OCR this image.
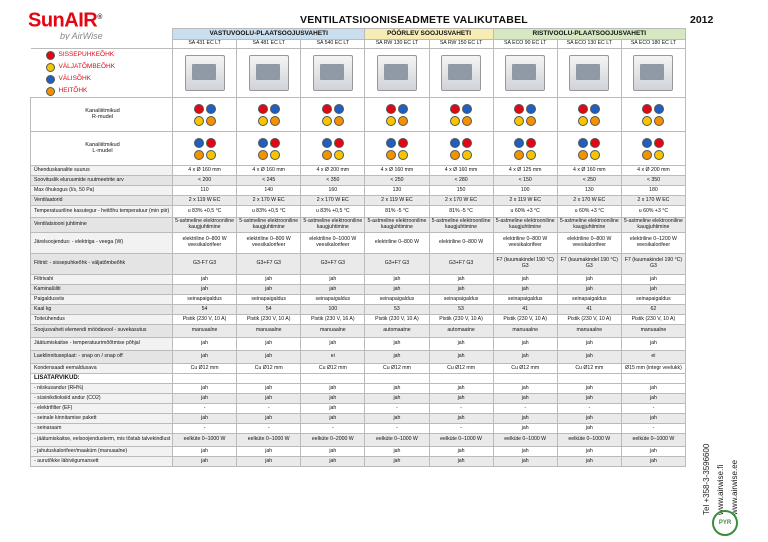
SunAIR®
by AirWise
VENTILATSIOONISEADMETE VALIKUTABEL	2012
	VASTUVOOLU-PLAATSOOJUSVAHETI			PÖÖRLEV SOOJUSVAHETI		RISTIVOOLU-PLAATSOOJUSVAHETI		
	SA 431 EC LT	SA 481 EC LT	SA 540 EC LT	SA RW 130 EC LT	SA RW 150 EC LT	SA ECO 90 EC LT	SA ECO 130 EC LT	SA ECO 180 EC LT

SISSEPUHKEÕHK
VÄLJATÕMBEÕHK
VÄLISÕHK
HEITÕHK								

Kanaliiitmikud
R-mudel								

Kanaliiitmikud
L-mudel								

Ühenduskanalite suurus	4 x Ø 160 mm	4 x Ø 160 mm	4 x Ø 200 mm	4 x Ø 160 mm	4 x Ø 160 mm	4 x Ø 125 mm	4 x Ø 160 mm	4 x Ø 200 mm
Soovituslik eluruumide ruutmeetrite arv	< 200	< 245	< 350	< 250	< 280	< 150	< 250	< 350
Max õhukogus (l/s, 50 Pa)	110	140	160	130	150	100	130	180
Ventilaatorid	2 x 119 W EC	2 x 170 W EC	2 x 170 W EC	2 x 119 W EC	2 x 170 W EC	2 x 119 W EC	2 x 170 W EC	2 x 170 W EC
Temperatuuriline kasutegur - heitõhu temperatuur (min piir)	u 83% +0,5 °C	u 83% +0,5 °C	u 83% +0,5 °C	81% -5 °C	81% -5 °C	u 60% +3 °C	u 60% +3 °C	u 60% +3 °C
Ventilatsiooni juhtimine	5-astmeline elektrooniline kaugjuhtimine	5-astmeline elektrooniline kaugjuhtimine	5-astmeline elektrooniline kaugjuhtimine	5-astmeline elektrooniline kaugjuhtimine	5-astmeline elektrooniline kaugjuhtimine	5-astmeline elektrooniline kaugjuhtimine	5-astmeline elektrooniline kaugjuhtimine	5-astmeline elektrooniline kaugjuhtimine
Järelsoojendus: - elektriga - veega (W)	elektriline 0–800 W veesikalorifeer	elektriline 0–800 W veesikalorifeer	elektriline 0–1000 W veesikalorifeer	elektriline 0–800 W	elektriline 0–800 W	elektriline 0–800 W veesikalorifeer	elektriline 0–800 W veesikalorifeer	elektriline 0–1200 W veesikalorifeer
Filtrid: - sissepuhkeõhk - väljatõmbeõhk	G3-F7 G3	G3+F7 G3	G3+F7 G3	G3+F7 G3	G3+F7 G3	F7 (kuumakindel 190 °C) G3	F7 (kuumakindel 190 °C) G3	F7 (kuumakindel 190 °C) G3
Filtrivahi	jah	jah	jah	jah	jah	jah	jah	jah
Kaminalüliti	jah	jah	jah	jah	jah	jah	jah	jah
Paigaldusviis	seinapaigaldus	seinapaigaldus	seinapaigaldus	seinapaigaldus	seinapaigaldus	seinapaigaldus	seinapaigaldus	seinapaigaldus
Kaal kg	54	54	100	53	53	41	41	62
Toiteühendus	Pistik (230 V, 10 A)	Pistik (230 V, 10 A)	Pistik (230 V, 16 A)	Pistik (230 V, 10 A)	Pistik (230 V, 10 A)	Pistik (230 V, 10 A)	Pistik (230 V, 10 A)	Pistik (230 V, 10 A)
Soojusvaheti elemendi möödavool - suvekasutus	manuaalne	manuaalne	manuaalne	automaatne	automaatne	manuaalne	manuaalne	manuaalne
Jäätumiskaitse - temperatuurimõõtmise põhjal	jah	jah	jah	jah	jah	jah	jah	jah
Laeklinnituseplaat: - snap on / snap off	jah	jah	ei	jah	jah	jah	jah	ei
Kondensaadi eemaldusava	Cu Ø12 mm	Cu Ø12 mm	Cu Ø12 mm	Cu Ø12 mm	Cu Ø12 mm	Cu Ø12 mm	Cu Ø12 mm	Ø15 mm (integr veelukk)
LISATARVIKUD:								
- niiskusandur (RH%)	jah	jah	jah	jah	jah	jah	jah	jah
- süsinikdioksiid andur (CO2)	jah	jah	jah	jah	jah	jah	jah	jah
- elektrifilter (EF)	-	-	jah	-	-	-	-	-
- seinale kinnitamise pakett	jah	jah	jah	jah	jah	jah	jah	jah
- seinaraam	-	-	-	-	-	jah	jah	-
- jäätumiskaitse, eelsoojendusterm, mis tõstab talvekindlust	eelküte 0–1000 W	eelküte 0–1000 W	eelküte 0–2000 W	eelküte 0–1000 W	eelküte 0–1000 W	eelküte 0–1000 W	eelküte 0–1000 W	eelküte 0–1000 W
- jahutuskalorifeer/maaküm (manuaalne)	jah	jah	jah	jah	jah	jah	jah	jah
- aurutõkke läbiviigumansett	jah	jah	jah	jah	jah	jah	jah	jah	Tel +358-3-3596600 www.airwise.fi www.airwise.ee
PYR
